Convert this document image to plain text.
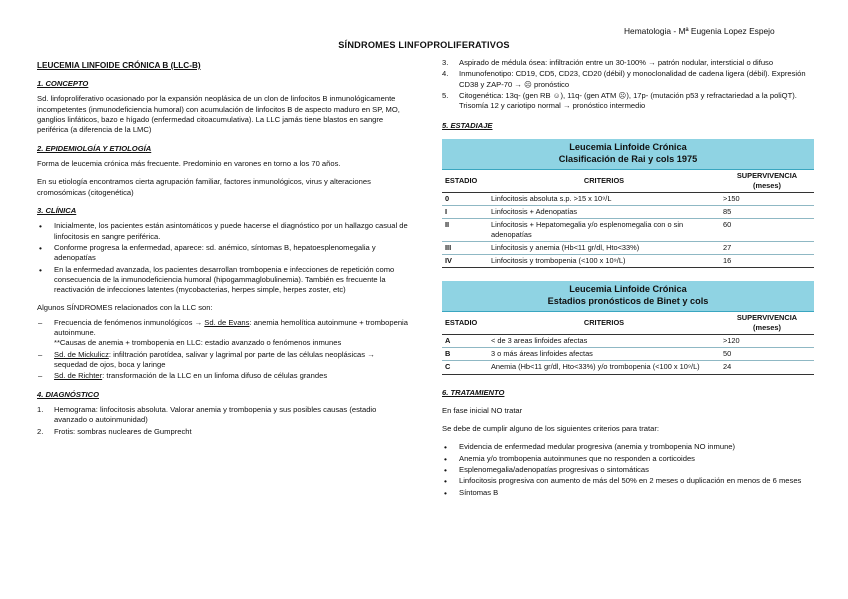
Hematologia - Mª Eugenia Lopez Espejo
SÍNDROMES LINFOPROLIFERATIVOS
LEUCEMIA LINFOIDE CRÓNICA B (LLC-B)
1. CONCEPTO

Sd. linfoproliferativo ocasionado por la expansión neoplásica de un clon de linfocitos B inmunológicamente incompetentes (inmunodeficiencia humoral) con acumulación de linfocitos B de aspecto maduro en SP, MO, ganglios linfáticos, bazo e hígado (enfermedad citoacumulativa). La LLC jamás tiene blastos en sangre periférica (a diferencia de la LMC)

2. EPIDEMIOLGÍA Y ETIOLOGÍA

Forma de leucemia crónica más frecuente. Predominio en varones en torno a los 70 años.

En su etiología encontramos cierta agrupación familiar, factores inmunológicos, virus y alteraciones cromosómicas (citogenética)

3. CLÍNICA
• Inicialmente, los pacientes están asintomáticos y puede hacerse el diagnóstico por un hallazgo casual de linfocitosis en sangre periférica.
• Conforme progresa la enfermedad, aparece: sd. anémico, síntomas B, hepatoesplenomegalia y adenopatías
• En la enfermedad avanzada, los pacientes desarrollan trombopenia e infecciones de repetición como consecuencia de la inmunodeficiencia humoral (hipogammaglobulinemia). También es frecuente la reactivación de infecciones latentes (mycobacterias, herpes simple, herpes zoster, etc)

Algunos SÍNDROMES relacionados con la LLC son:

– Frecuencia de fenómenos inmunológicos → Sd. de Evans: anemia hemolítica autoinmune + trombopenia autoinmune.
**Causas de anemia + trombopenia en LLC: estadio avanzado o fenómenos inmunes
– Sd. de Mickulicz: infiltración parotídea, salivar y lagrimal por parte de las células neoplásicas → sequedad de ojos, boca y laringe
– Sd. de Richter: transformación de la LLC en un linfoma difuso de células grandes
4. DIAGNÓSTICO
1. Hemograma: linfocitosis absoluta. Valorar anemia y trombopenia y sus posibles causas (estadio avanzado o autoinmunidad)
2. Frotis: sombras nucleares de Gumprecht
3. Aspirado de médula ósea: infiltración entre un 30-100% → patrón nodular, intersticial o difuso
4. Inmunofenotipo: CD19, CD5, CD23, CD20 (débil) y monoclonalidad de cadena ligera (débil). Expresión CD38 y ZAP-70 → ☹ pronóstico
5. Citogenética: 13q- (gen RB ☺), 11q- (gen ATM ☹), 17p- (mutación p53 y refractariedad a la poliQT). Trisomía 12 y cariotipo normal → pronóstico intermedio
5. ESTADIAJE
Leucemia Linfoide Crónica
Clasificación de Rai y cols 1975		
ESTADIO	CRITERIOS	SUPERVIVENCIA (meses)
0	Linfocitosis absoluta s.p. >15 x 10⁹/L	>150
I	Linfocitosis + Adenopatías	85
II	Linfocitosis + Hepatomegalia y/o esplenomegalia con o sin adenopatías	60
III	Linfocitosis y anemia (Hb<11 gr/dl, Hto<33%)	27
IV	Linfocitosis y trombopenia (<100 x 10⁹/L)	16
Leucemia Linfoide Crónica
Estadios pronósticos de Binet y cols		
ESTADIO	CRITERIOS	SUPERVIVENCIA (meses)
A	< de 3 areas linfoides afectas	>120
B	3 o más áreas linfoides afectas	50
C	Anemia (Hb<11 gr/dl, Hto<33%) y/o trombopenia (<100 x 10⁹/L)	24
6. TRATAMIENTO

En fase inicial NO tratar

Se debe de cumplir alguno de los siguientes criterios para tratar:

• Evidencia de enfermedad medular progresiva (anemia y trombopenia NO inmune)
• Anemia y/o trombopenia autoinmunes que no responden a corticoides
• Esplenomegalia/adenopatías progresivas o sintomáticas
• Linfocitosis progresiva con aumento de más del 50% en 2 meses o duplicación en menos de 6 meses
• Síntomas B
